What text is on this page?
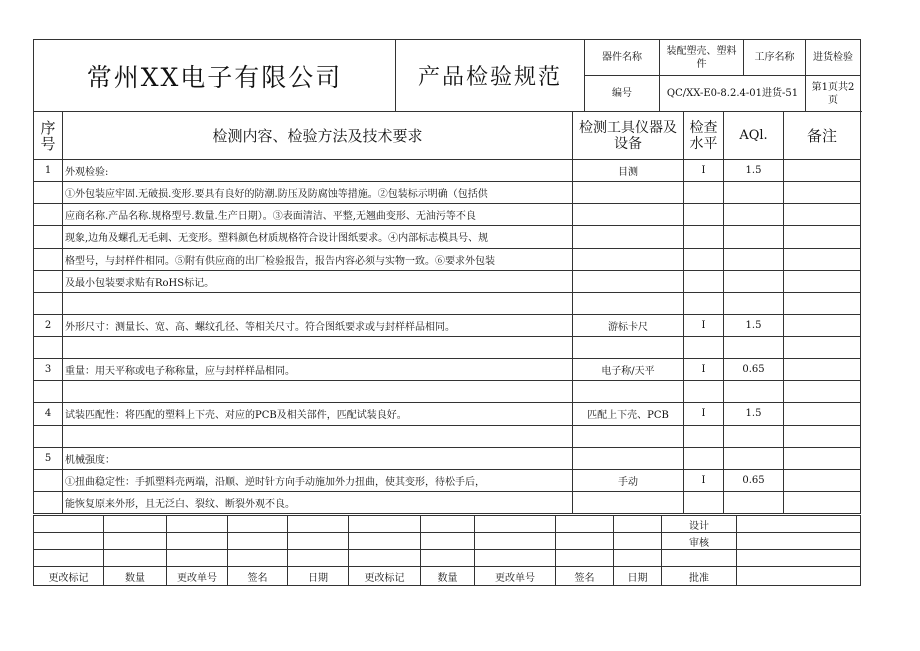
常州XX电子有限公司	产品检验规范	器件名称	装配塑壳、塑料件	工序名称	进货检验
		编号	QC/XX-E0-8.2.4-01进货-51		第1页共2页
序号	检测内容、检验方法及技术要求	检测工具仪器及设备	检查水平	AQl.	备注
1	外观检验:	目测	I	1.5	
	①外包装应牢固.无破损.变形.要具有良好的防潮.防压及防腐蚀等措施。②包装标示明确（包括供				
	应商名称.产品名称.规格型号.数量.生产日期）。③表面清洁、平整,无翘曲变形、无油污等不良				
	现象,边角及螺孔无毛刺、无变形。塑料颜色材质规格符合设计图纸要求。④内部标志模具号、规				
	格型号，与封样件相同。⑤附有供应商的出厂检验报告，报告内容必须与实物一致。⑥要求外包装				
	及最小包装要求贴有RoHS标记。				

2	外形尺寸：测量长、宽、高、螺纹孔径、等相关尺寸。符合图纸要求或与封样样品相同。	游标卡尺	I	1.5	

3	重量：用天平称或电子称称量，应与封样样品相同。	电子称/天平	I	0.65	

4	试装匹配性：将匹配的塑料上下壳、对应的PCB及相关部件，匹配试装良好。	匹配上下壳、PCB	I	1.5	

5	机械强度：				
	①扭曲稳定性：手抓塑料壳两端，沿顺、逆时针方向手动施加外力扭曲，使其变形，待松手后，	手动	I	0.65	
	能恢复原来外形，且无泛白、裂纹、断裂外观不良。				
										设计	
										审核	

更改标记	数量	更改单号	签名	日期	更改标记	数量	更改单号	签名	日期	批准	
